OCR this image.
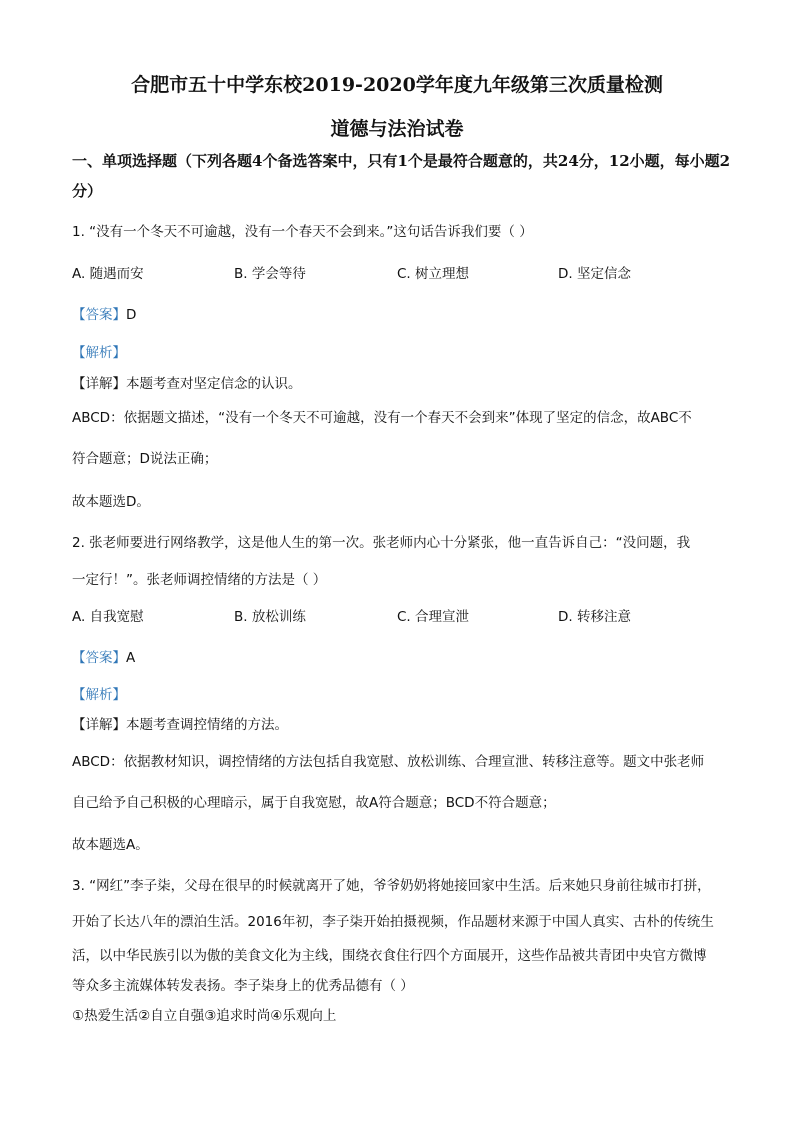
合肥市五十中学东校2019-2020学年度九年级第三次质量检测
道德与法治试卷
一、单项选择题（下列各题4个备选答案中，只有1个是最符合题意的，共24分，12小题，每小题2分）
1. “没有一个冬天不可逾越，没有一个春天不会到来。”这句话告诉我们要（ ）
A. 随遇而安	B. 学会等待	C. 树立理想	D. 坚定信念
【答案】D
【解析】
【详解】本题考查对坚定信念的认识。
ABCD：依据题文描述，“没有一个冬天不可逾越，没有一个春天不会到来”体现了坚定的信念，故ABC不
符合题意；D说法正确；
故本题选D。
2. 张老师要进行网络教学，这是他人生的第一次。张老师内心十分紧张，他一直告诉自己：“没问题，我
一定行！”。张老师调控情绪的方法是（ ）
A. 自我宽慰	B. 放松训练	C. 合理宣泄	D. 转移注意
【答案】A
【解析】
【详解】本题考查调控情绪的方法。
ABCD：依据教材知识，调控情绪的方法包括自我宽慰、放松训练、合理宣泄、转移注意等。题文中张老师
自己给予自己积极的心理暗示，属于自我宽慰，故A符合题意；BCD不符合题意；
故本题选A。
3. “网红”李子柒，父母在很早的时候就离开了她，爷爷奶奶将她接回家中生活。后来她只身前往城市打拼，
开始了长达八年的漂泊生活。2016年初，李子柒开始拍摄视频，作品题材来源于中国人真实、古朴的传统生
活，以中华民族引以为傲的美食文化为主线，围绕衣食住行四个方面展开，这些作品被共青团中央官方微博
等众多主流媒体转发表扬。李子柒身上的优秀品德有（ ）
①热爱生活②自立自强③追求时尚④乐观向上
